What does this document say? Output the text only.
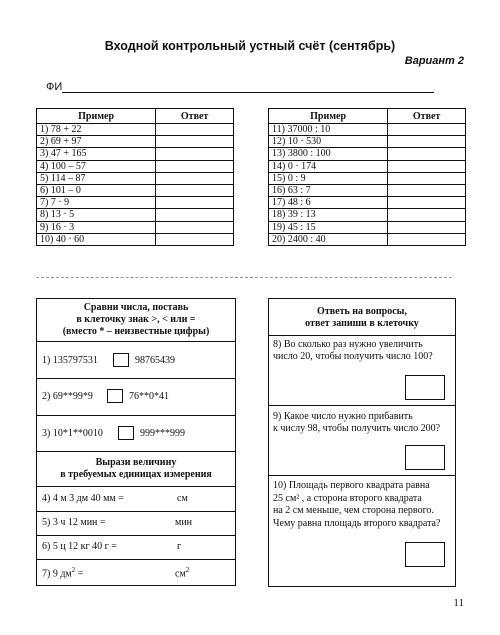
Входной контрольный устный счёт (сентябрь)
Вариант 2
ФИ
Пример	Ответ
1) 78 + 22	
2) 69 + 97	
3) 47 + 165	
4) 100 – 57	
5) 114 – 87	
6) 101 – 0	
7) 7 · 9	
8) 13 · 5	
9) 16 · 3	
10) 40 · 60	
Пример	Ответ
11) 37000 : 10	
12) 10 · 530	
13) 3800 : 100	
14) 0 · 174	
15) 0 : 9	
16) 63 : 7	
17) 48 : 6	
18) 39 : 13	
19) 45 : 15	
20) 2400 : 40	
Сравни числа, поставь
в клеточку знак >, < или =
(вместо * – неизвестные цифры)
1) 135797531	98765439
2) 69**99*9	76**0*41
3) 10*1**0010	999***999
Вырази величину
в требуемых единицах измерения
4) 4 м 3 дм 40 мм =	см
5) 3 ч 12 мин =	мин
6) 5 ц 12 кг 40 г =	г
7) 9 $дм^2$ =	$см^2$
Ответь на вопросы,
ответ запиши в клеточку
8) Во сколько раз нужно увеличить
число 20, чтобы получить число 100?
9) Какое число нужно прибавить
к числу 98, чтобы получить число 200?
10) Площадь первого квадрата равна
25 см² , а сторона второго квадрата
на 2 см меньше, чем сторона первого.
Чему равна площадь второго квадрата?
11
